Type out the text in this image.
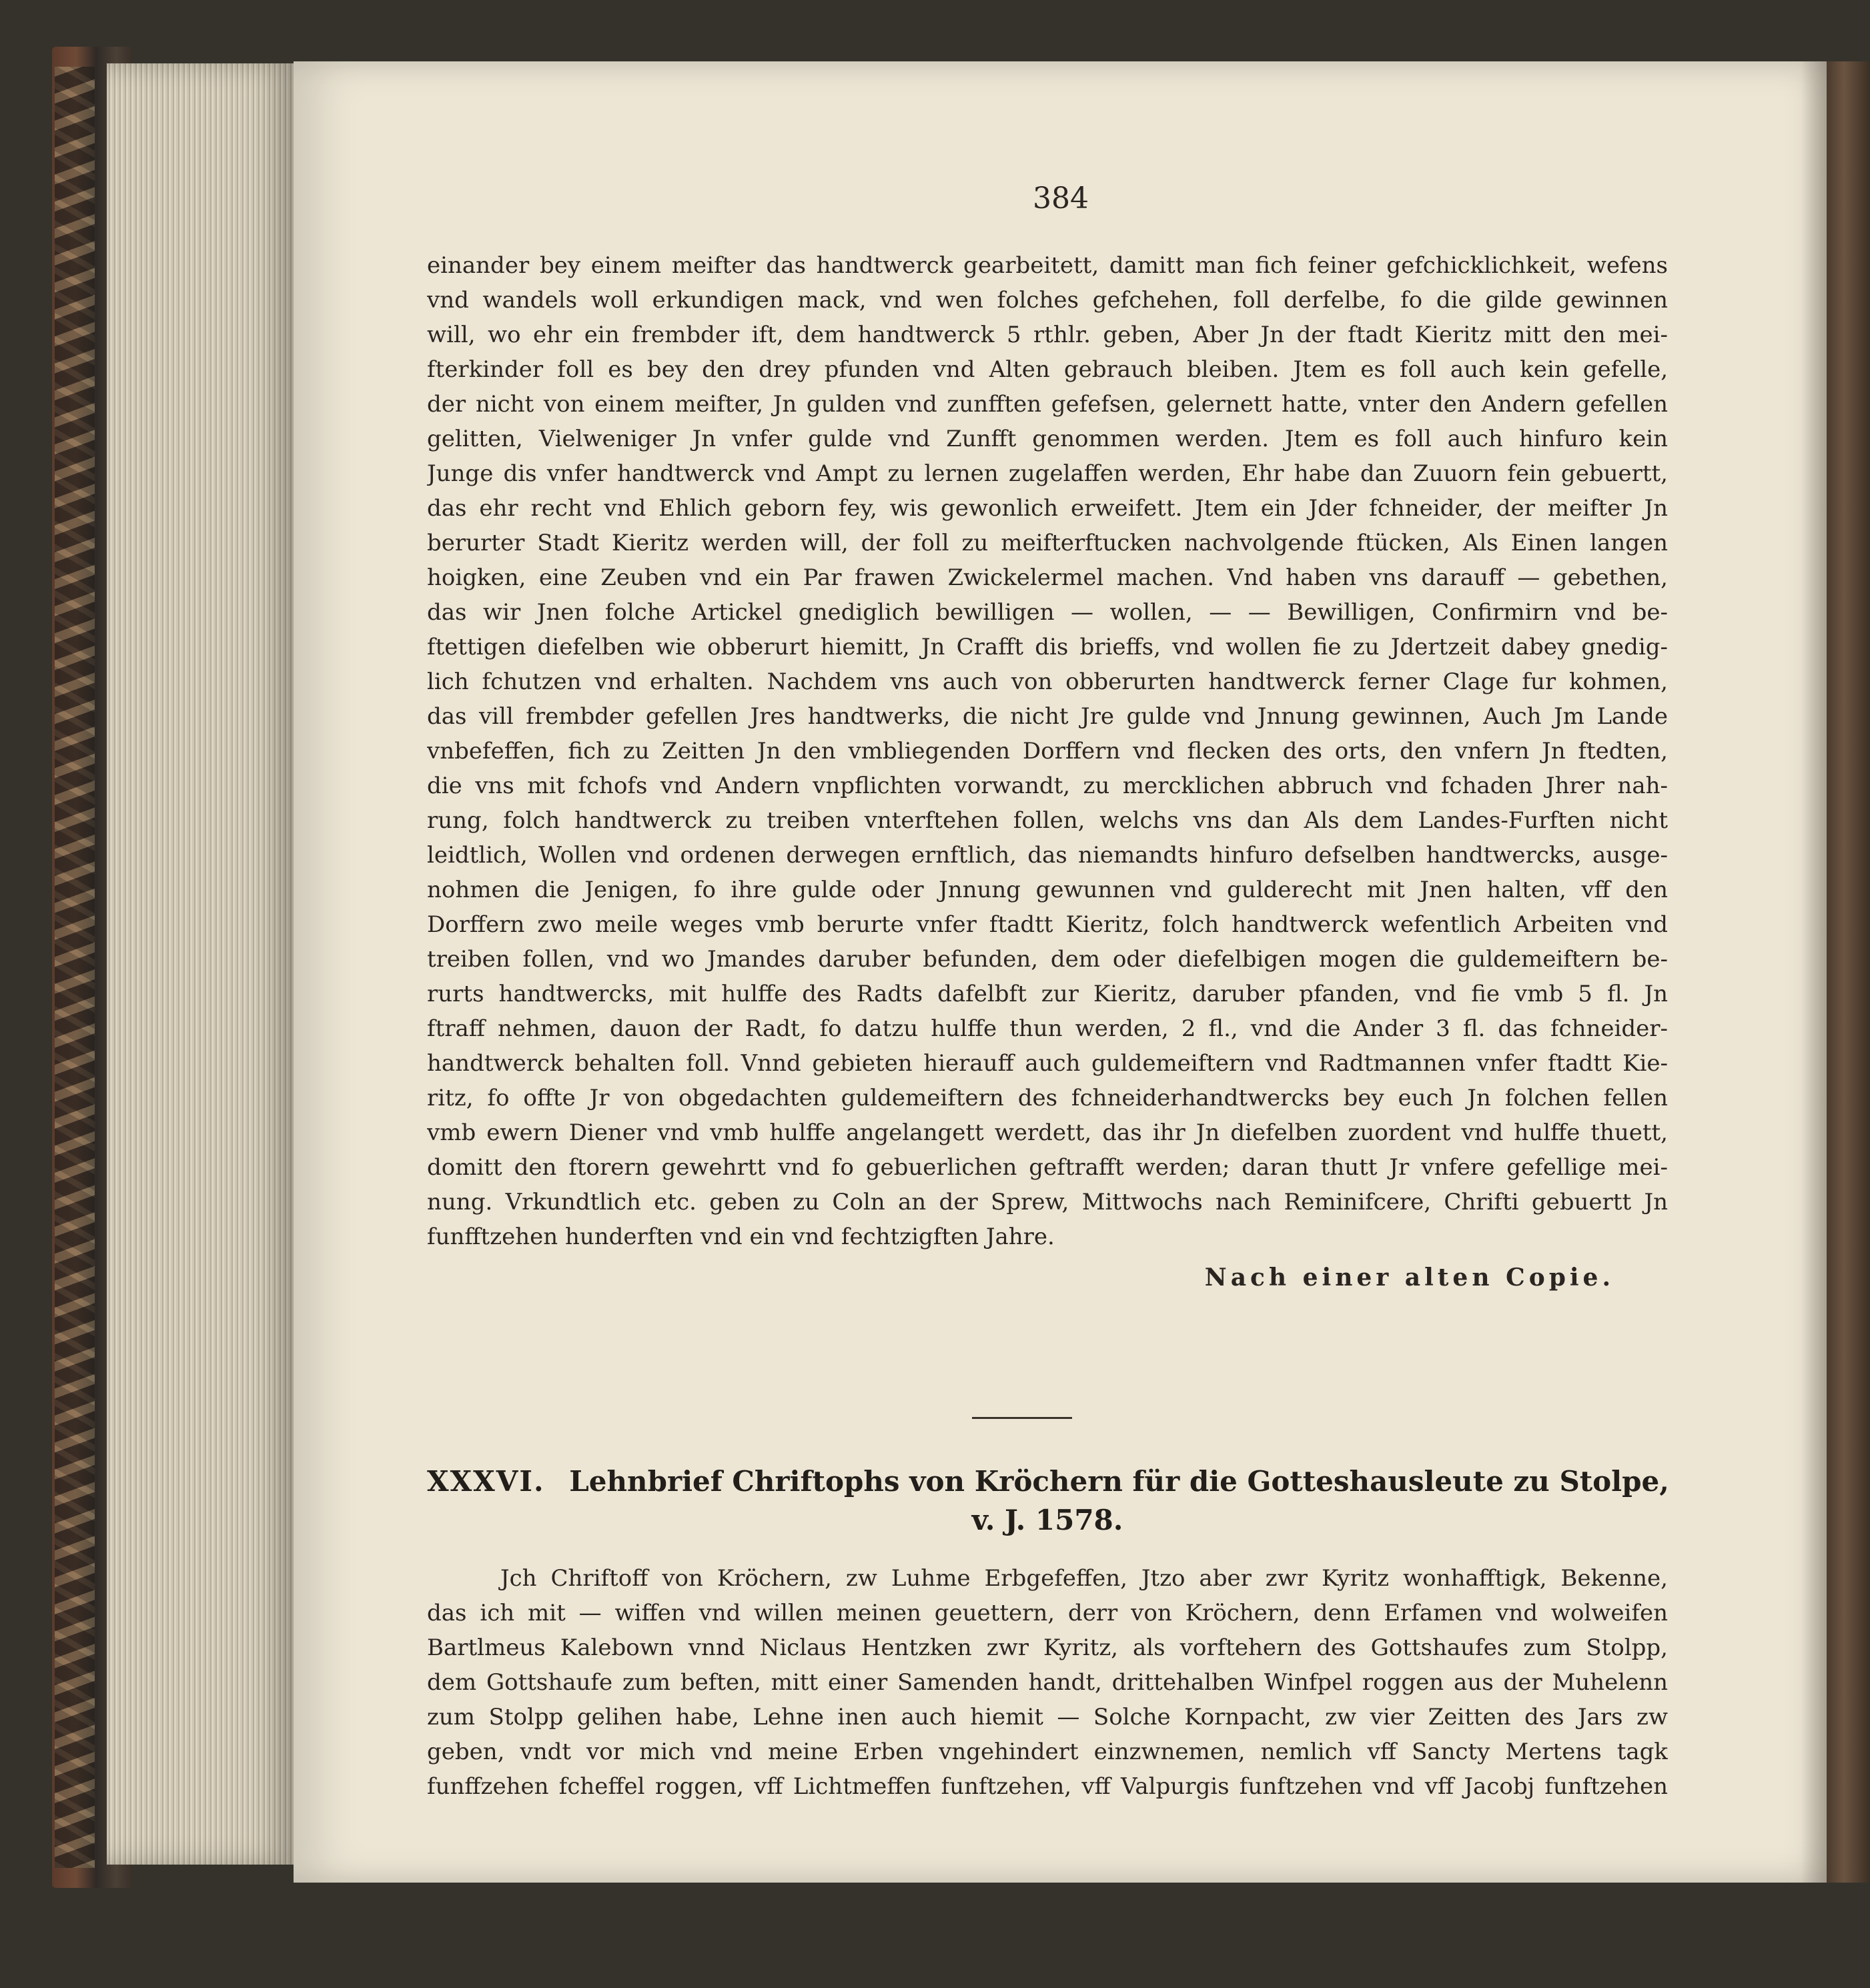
384
einander bey einem meifter das handtwerck gearbeitett, damitt man fich feiner gefchicklichkeit, wefens
vnd wandels woll erkundigen mack, vnd wen folches gefchehen, foll derfelbe, fo die gilde gewinnen
will, wo ehr ein frembder ift, dem handtwerck 5 rthlr. geben, Aber Jn der ftadt Kieritz mitt den mei-
fterkinder foll es bey den drey pfunden vnd Alten gebrauch bleiben. Jtem es foll auch kein gefelle,
der nicht von einem meifter, Jn gulden vnd zunfften gefefsen, gelernett hatte, vnter den Andern gefellen
gelitten, Vielweniger Jn vnfer gulde vnd Zunfft genommen werden. Jtem es foll auch hinfuro kein
Junge dis vnfer handtwerck vnd Ampt zu lernen zugelaffen werden, Ehr habe dan Zuuorn fein gebuertt,
das ehr recht vnd Ehlich geborn fey, wis gewonlich erweifett. Jtem ein Jder fchneider, der meifter Jn
berurter Stadt Kieritz werden will, der foll zu meifterftucken nachvolgende ftücken, Als Einen langen
hoigken, eine Zeuben vnd ein Par frawen Zwickelermel machen. Vnd haben vns darauff — gebethen,
das wir Jnen folche Artickel gnediglich bewilligen — wollen, — — Bewilligen, Confirmirn vnd be-
ftettigen diefelben wie obberurt hiemitt, Jn Crafft dis brieffs, vnd wollen fie zu Jdertzeit dabey gnedig-
lich fchutzen vnd erhalten. Nachdem vns auch von obberurten handtwerck ferner Clage fur kohmen,
das vill frembder gefellen Jres handtwerks, die nicht Jre gulde vnd Jnnung gewinnen, Auch Jm Lande
vnbefeffen, fich zu Zeitten Jn den vmbliegenden Dorffern vnd flecken des orts, den vnfern Jn ftedten,
die vns mit fchofs vnd Andern vnpflichten vorwandt, zu mercklichen abbruch vnd fchaden Jhrer nah-
rung, folch handtwerck zu treiben vnterftehen follen, welchs vns dan Als dem Landes-Furften nicht
leidtlich, Wollen vnd ordenen derwegen ernftlich, das niemandts hinfuro defselben handtwercks, ausge-
nohmen die Jenigen, fo ihre gulde oder Jnnung gewunnen vnd gulderecht mit Jnen halten, vff den
Dorffern zwo meile weges vmb berurte vnfer ftadtt Kieritz, folch handtwerck wefentlich Arbeiten vnd
treiben follen, vnd wo Jmandes daruber befunden, dem oder diefelbigen mogen die guldemeiftern be-
rurts handtwercks, mit hulffe des Radts dafelbft zur Kieritz, daruber pfanden, vnd fie vmb 5 fl. Jn
ftraff nehmen, dauon der Radt, fo datzu hulffe thun werden, 2 fl., vnd die Ander 3 fl. das fchneider-
handtwerck behalten foll. Vnnd gebieten hierauff auch guldemeiftern vnd Radtmannen vnfer ftadtt Kie-
ritz, fo offte Jr von obgedachten guldemeiftern des fchneiderhandtwercks bey euch Jn folchen fellen
vmb ewern Diener vnd vmb hulffe angelangett werdett, das ihr Jn diefelben zuordent vnd hulffe thuett,
domitt den ftorern gewehrtt vnd fo gebuerlichen geftrafft werden; daran thutt Jr vnfere gefellige mei-
nung. Vrkundtlich etc. geben zu Coln an der Sprew, Mittwochs nach Reminifcere, Chrifti gebuertt Jn
funfftzehen hunderften vnd ein vnd fechtzigften Jahre.
Nach einer alten Copie.
XXXVI. Lehnbrief Chriftophs von Kröchern für die Gotteshausleute zu Stolpe,
v. J. 1578.
Jch Chriftoff von Kröchern, zw Luhme Erbgefeffen, Jtzo aber zwr Kyritz wonhafftigk, Bekenne,
das ich mit — wiffen vnd willen meinen geuettern, derr von Kröchern, denn Erfamen vnd wolweifen
Bartlmeus Kalebown vnnd Niclaus Hentzken zwr Kyritz, als vorftehern des Gottshaufes zum Stolpp,
dem Gottshaufe zum beften, mitt einer Samenden handt, drittehalben Winfpel roggen aus der Muhelenn
zum Stolpp gelihen habe, Lehne inen auch hiemit — Solche Kornpacht, zw vier Zeitten des Jars zw
geben, vndt vor mich vnd meine Erben vngehindert einzwnemen, nemlich vff Sancty Mertens tagk
funffzehen fcheffel roggen, vff Lichtmeffen funftzehen, vff Valpurgis funftzehen vnd vff Jacobj funftzehen
